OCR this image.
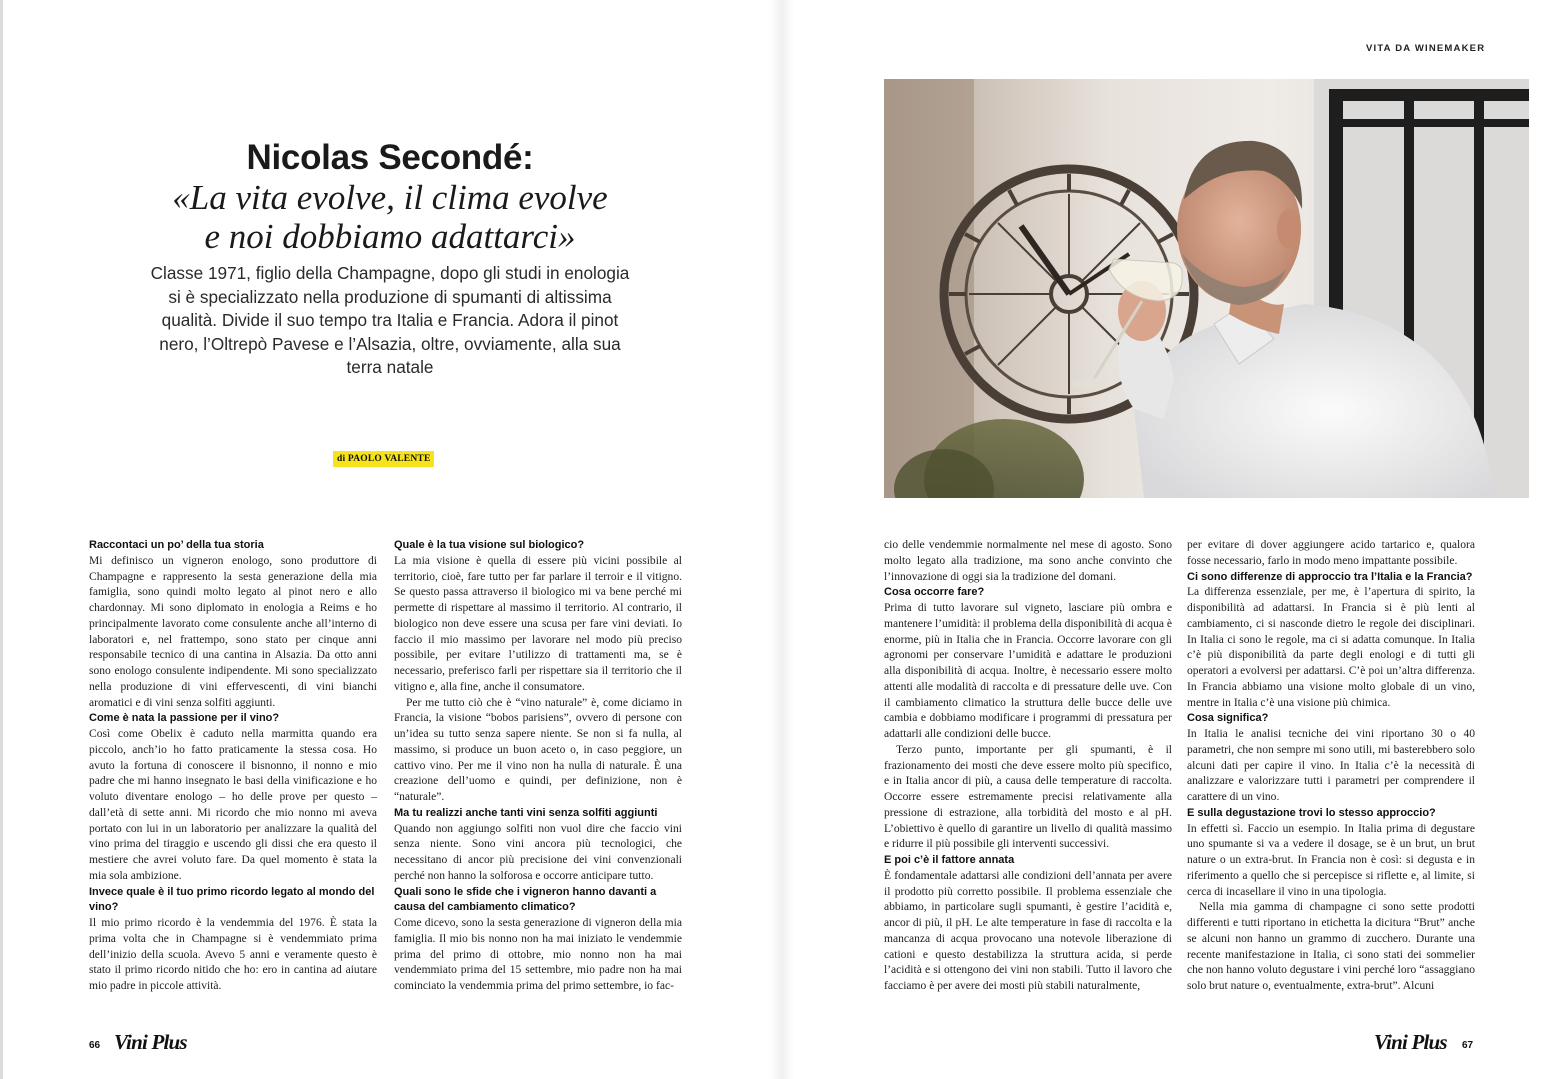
Nicolas Secondé:
«La vita evolve, il clima evolve
e noi dobbiamo adattarci»
Classe 1971, figlio della Champagne, dopo gli studi in enologia si è specializzato nella produzione di spumanti di altissima qualità. Divide il suo tempo tra Italia e Francia. Adora il pinot nero, l’Oltrepò Pavese e l’Alsazia, oltre, ovviamente, alla sua terra natale
di PAOLO VALENTE

Raccontaci un po’ della tua storia

Mi definisco un vigneron enologo, sono produttore di Champagne e rappresento la sesta generazione della mia famiglia, sono quindi molto legato al pinot nero e allo chardonnay. Mi sono diplomato in enologia a Reims e ho principalmente lavorato come consulente anche all’interno di laboratori e, nel frattempo, sono stato per cinque anni responsabile tecnico di una cantina in Alsazia. Da otto anni sono enologo consulente indipendente. Mi sono specializzato nella produzione di vini effervescenti, di vini bianchi aromatici e di vini senza solfiti aggiunti.

Come è nata la passione per il vino?

Così come Obelix è caduto nella marmitta quando era piccolo, anch’io ho fatto praticamente la stessa cosa. Ho avuto la fortuna di conoscere il bisnonno, il nonno e mio padre che mi hanno insegnato le basi della vinificazione e ho voluto diventare enologo – ho delle prove per questo – dall’età di sette anni. Mi ricordo che mio nonno mi aveva portato con lui in un laboratorio per analizzare la qualità del vino prima del tiraggio e uscendo gli dissi che era questo il mestiere che avrei voluto fare. Da quel momento è stata la mia sola ambizione.

Invece quale è il tuo primo ricordo legato al mondo del vino?

Il mio primo ricordo è la vendemmia del 1976. È stata la prima volta che in Champagne si è vendemmiato prima dell’inizio della scuola. Avevo 5 anni e veramente questo è stato il primo ricordo nitido che ho: ero in cantina ad aiutare mio padre in piccole attività.

Quale è la tua visione sul biologico?

La mia visione è quella di essere più vicini possibile al territorio, cioè, fare tutto per far parlare il terroir e il vitigno. Se questo passa attraverso il biologico mi va bene perché mi permette di rispettare al massimo il territorio. Al contrario, il biologico non deve essere una scusa per fare vini deviati. Io faccio il mio massimo per lavorare nel modo più preciso possibile, per evitare l’utilizzo di trattamenti ma, se è necessario, preferisco farli per rispettare sia il territorio che il vitigno e, alla fine, anche il consumatore.

Per me tutto ciò che è “vino naturale” è, come diciamo in Francia, la visione “bobos parisiens”, ovvero di persone con un’idea su tutto senza sapere niente. Se non si fa nulla, al massimo, si produce un buon aceto o, in caso peggiore, un cattivo vino. Per me il vino non ha nulla di naturale. È una creazione dell’uomo e quindi, per definizione, non è “naturale”.

Ma tu realizzi anche tanti vini senza solfiti aggiunti

Quando non aggiungo solfiti non vuol dire che faccio vini senza niente. Sono vini ancora più tecnologici, che necessitano di ancor più precisione dei vini convenzionali perché non hanno la solforosa e occorre anticipare tutto.

Quali sono le sfide che i vigneron hanno davanti a causa del cambiamento climatico?

Come dicevo, sono la sesta generazione di vigneron della mia famiglia. Il mio bis nonno non ha mai iniziato le vendemmie prima del primo di ottobre, mio nonno non ha mai vendemmiato prima del 15 settembre, mio padre non ha mai cominciato la vendemmia prima del primo settembre, io fac-

66 Vini Plus
VITA DA WINEMAKER

cio delle vendemmie normalmente nel mese di agosto. Sono molto legato alla tradizione, ma sono anche convinto che l’innovazione di oggi sia la tradizione del domani.

Cosa occorre fare?

Prima di tutto lavorare sul vigneto, lasciare più ombra e mantenere l’umidità: il problema della disponibilità di acqua è enorme, più in Italia che in Francia. Occorre lavorare con gli agronomi per conservare l’umidità e adattare le produzioni alla disponibilità di acqua. Inoltre, è necessario essere molto attenti alle modalità di raccolta e di pressature delle uve. Con il cambiamento climatico la struttura delle bucce delle uve cambia e dobbiamo modificare i programmi di pressatura per adattarli alle condizioni delle bucce.

Terzo punto, importante per gli spumanti, è il frazionamento dei mosti che deve essere molto più specifico, e in Italia ancor di più, a causa delle temperature di raccolta. Occorre essere estremamente precisi relativamente alla pressione di estrazione, alla torbidità del mosto e al pH. L’obiettivo è quello di garantire un livello di qualità massimo e ridurre il più possibile gli interventi successivi.

E poi c’è il fattore annata

È fondamentale adattarsi alle condizioni dell’annata per avere il prodotto più corretto possibile. Il problema essenziale che abbiamo, in particolare sugli spumanti, è gestire l’acidità e, ancor di più, il pH. Le alte temperature in fase di raccolta e la mancanza di acqua provocano una notevole liberazione di cationi e questo destabilizza la struttura acida, si perde l’acidità e si ottengono dei vini non stabili. Tutto il lavoro che facciamo è per avere dei mosti più stabili naturalmente,

per evitare di dover aggiungere acido tartarico e, qualora fosse necessario, farlo in modo meno impattante possibile.

Ci sono differenze di approccio tra l’Italia e la Francia?

La differenza essenziale, per me, è l’apertura di spirito, la disponibilità ad adattarsi. In Francia si è più lenti al cambiamento, ci si nasconde dietro le regole dei disciplinari. In Italia ci sono le regole, ma ci si adatta comunque. In Italia c’è più disponibilità da parte degli enologi e di tutti gli operatori a evolversi per adattarsi. C’è poi un’altra differenza. In Francia abbiamo una visione molto globale di un vino, mentre in Italia c’è una visione più chimica.

Cosa significa?

In Italia le analisi tecniche dei vini riportano 30 o 40 parametri, che non sempre mi sono utili, mi basterebbero solo alcuni dati per capire il vino. In Italia c’è la necessità di analizzare e valorizzare tutti i parametri per comprendere il carattere di un vino.

E sulla degustazione trovi lo stesso approccio?

In effetti sì. Faccio un esempio. In Italia prima di degustare uno spumante si va a vedere il dosage, se è un brut, un brut nature o un extra-brut. In Francia non è così: si degusta e in riferimento a quello che si percepisce si riflette e, al limite, si cerca di incasellare il vino in una tipologia.

Nella mia gamma di champagne ci sono sette prodotti differenti e tutti riportano in etichetta la dicitura “Brut” anche se alcuni non hanno un grammo di zucchero. Durante una recente manifestazione in Italia, ci sono stati dei sommelier che non hanno voluto degustare i vini perché loro “assaggiano solo brut nature o, eventualmente, extra-brut”. Alcuni

Vini Plus 67
